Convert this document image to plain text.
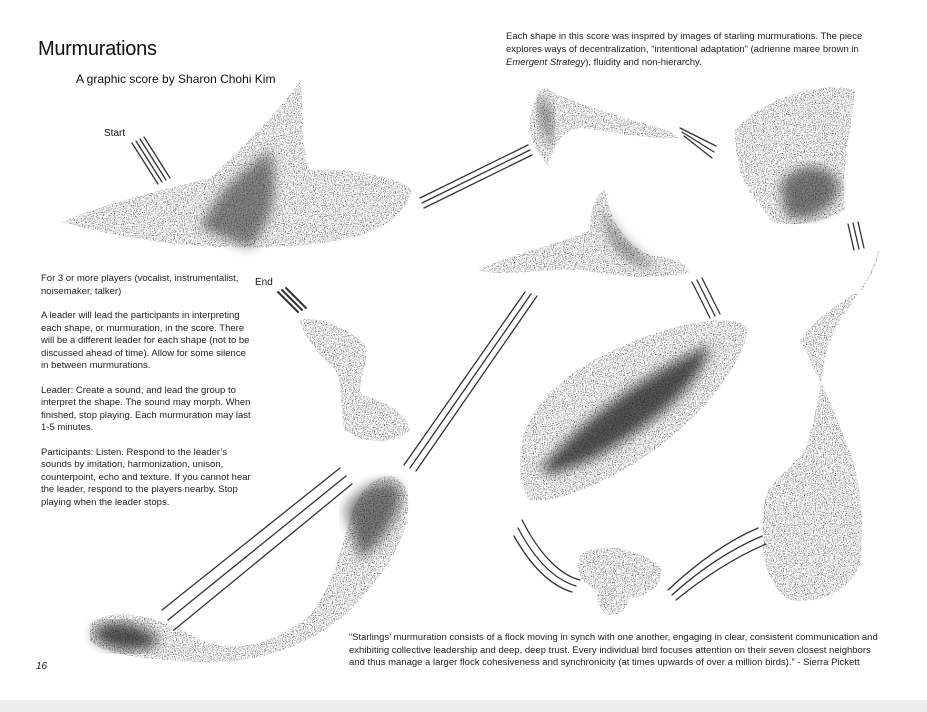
Murmurations
A graphic score by Sharon Chohi Kim
Each shape in this score was inspired by images of starling murmurations. The piece explores ways of decentralization, “intentional adaptation” (adrienne maree brown in Emergent Strategy), fluidity and non-hierarchy.
Start
End

For 3 or more players (vocalist, instrumentalist, noisemaker, talker)

A leader will lead the participants in interpreting each shape, or murmuration, in the score. There will be a different leader for each shape (not to be discussed ahead of time). Allow for some silence in between murmurations.

Leader: Create a sound, and lead the group to interpret the shape. The sound may morph. When finished, stop playing. Each murmuration may last 1-5 minutes.

Participants: Listen. Respond to the leader’s sounds by imitation, harmonization, unison, counterpoint, echo and texture. If you cannot hear the leader, respond to the players nearby. Stop playing when the leader stops.

“Starlings’ murmuration consists of a flock moving in synch with one another, engaging in clear, consistent communication and exhibiting collective leadership and deep, deep trust. Every individual bird focuses attention on their seven closest neighbors and thus manage a larger flock cohesiveness and synchronicity (at times upwards of over a million birds).” - Sierra Pickett
16
